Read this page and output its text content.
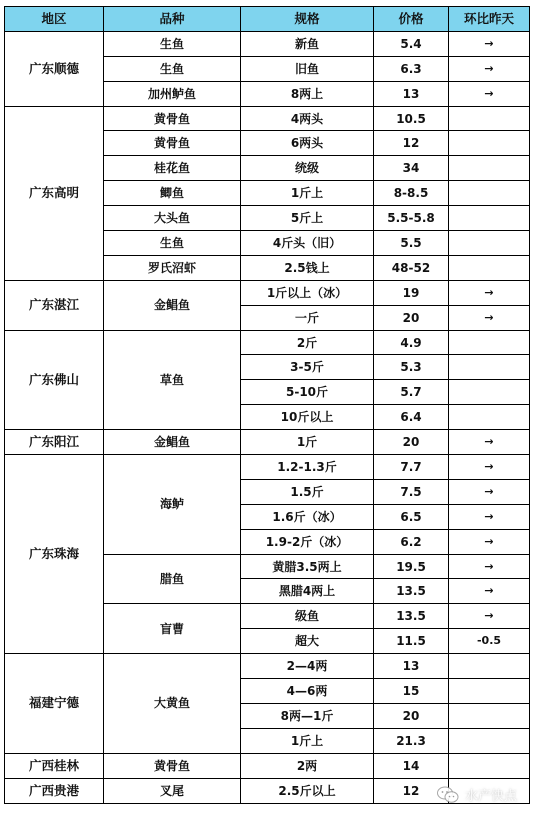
地区	品种	规格	价格	环比昨天
广东顺德	生鱼	新鱼	5.4	→
	生鱼	旧鱼	6.3	→
	加州鲈鱼	8两上	13	→
广东高明	黄骨鱼	4两头	10.5	
	黄骨鱼	6两头	12	
	桂花鱼	统级	34	
	鲫鱼	1斤上	8-8.5	
	大头鱼	5斤上	5.5-5.8	
	生鱼	4斤头（旧）	5.5	
	罗氏沼虾	2.5钱上	48-52	
广东湛江	金鲳鱼	1斤以上（冰）	19	→
		一斤	20	→
广东佛山	草鱼	2斤	4.9	
		3-5斤	5.3	
		5-10斤	5.7	
		10斤以上	6.4	
广东阳江	金鲳鱼	1斤	20	→
广东珠海	海鲈	1.2-1.3斤	7.7	→
		1.5斤	7.5	→
		1.6斤（冰）	6.5	→
		1.9-2斤（冰）	6.2	→
	腊鱼	黄腊3.5两上	19.5	→
		黑腊4两上	13.5	→
	盲曹	级鱼	13.5	→
		超大	11.5	-0.5
福建宁德	大黄鱼	2—4两	13	
		4—6两	15	
		8两—1斤	20	
		1斤上	21.3	
广西桂林	黄骨鱼	2两	14	
广西贵港	叉尾	2.5斤以上	12		水产快点
